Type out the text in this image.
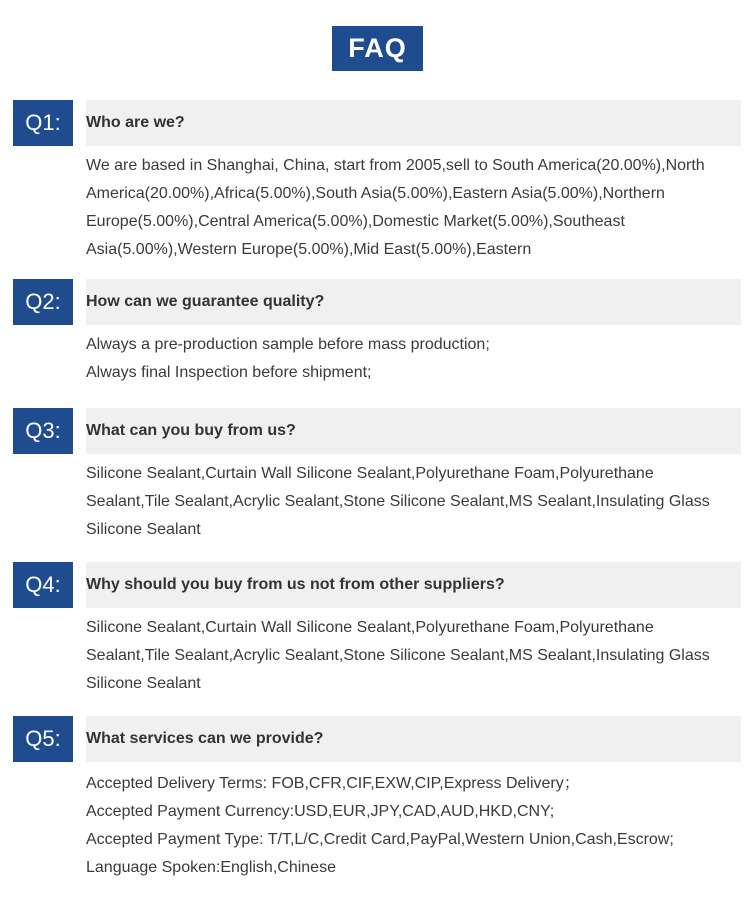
FAQ
Q1:	Who are we?
We are based in Shanghai, China, start from 2005,sell to South America(20.00%),North
America(20.00%),Africa(5.00%),South Asia(5.00%),Eastern Asia(5.00%),Northern
Europe(5.00%),Central America(5.00%),Domestic Market(5.00%),Southeast
Asia(5.00%),Western Europe(5.00%),Mid East(5.00%),Eastern
Q2:	How can we guarantee quality?
Always a pre-production sample before mass production;
Always final Inspection before shipment;
Q3:	What can you buy from us?
Silicone Sealant,Curtain Wall Silicone Sealant,Polyurethane Foam,Polyurethane
Sealant,Tile Sealant,Acrylic Sealant,Stone Silicone Sealant,MS Sealant,Insulating Glass
Silicone Sealant
Q4:	Why should you buy from us not from other suppliers?
Silicone Sealant,Curtain Wall Silicone Sealant,Polyurethane Foam,Polyurethane
Sealant,Tile Sealant,Acrylic Sealant,Stone Silicone Sealant,MS Sealant,Insulating Glass
Silicone Sealant
Q5:	What services can we provide?
Accepted Delivery Terms: FOB,CFR,CIF,EXW,CIP,Express Delivery；
Accepted Payment Currency:USD,EUR,JPY,CAD,AUD,HKD,CNY;
Accepted Payment Type: T/T,L/C,Credit Card,PayPal,Western Union,Cash,Escrow;
Language Spoken:English,Chinese
